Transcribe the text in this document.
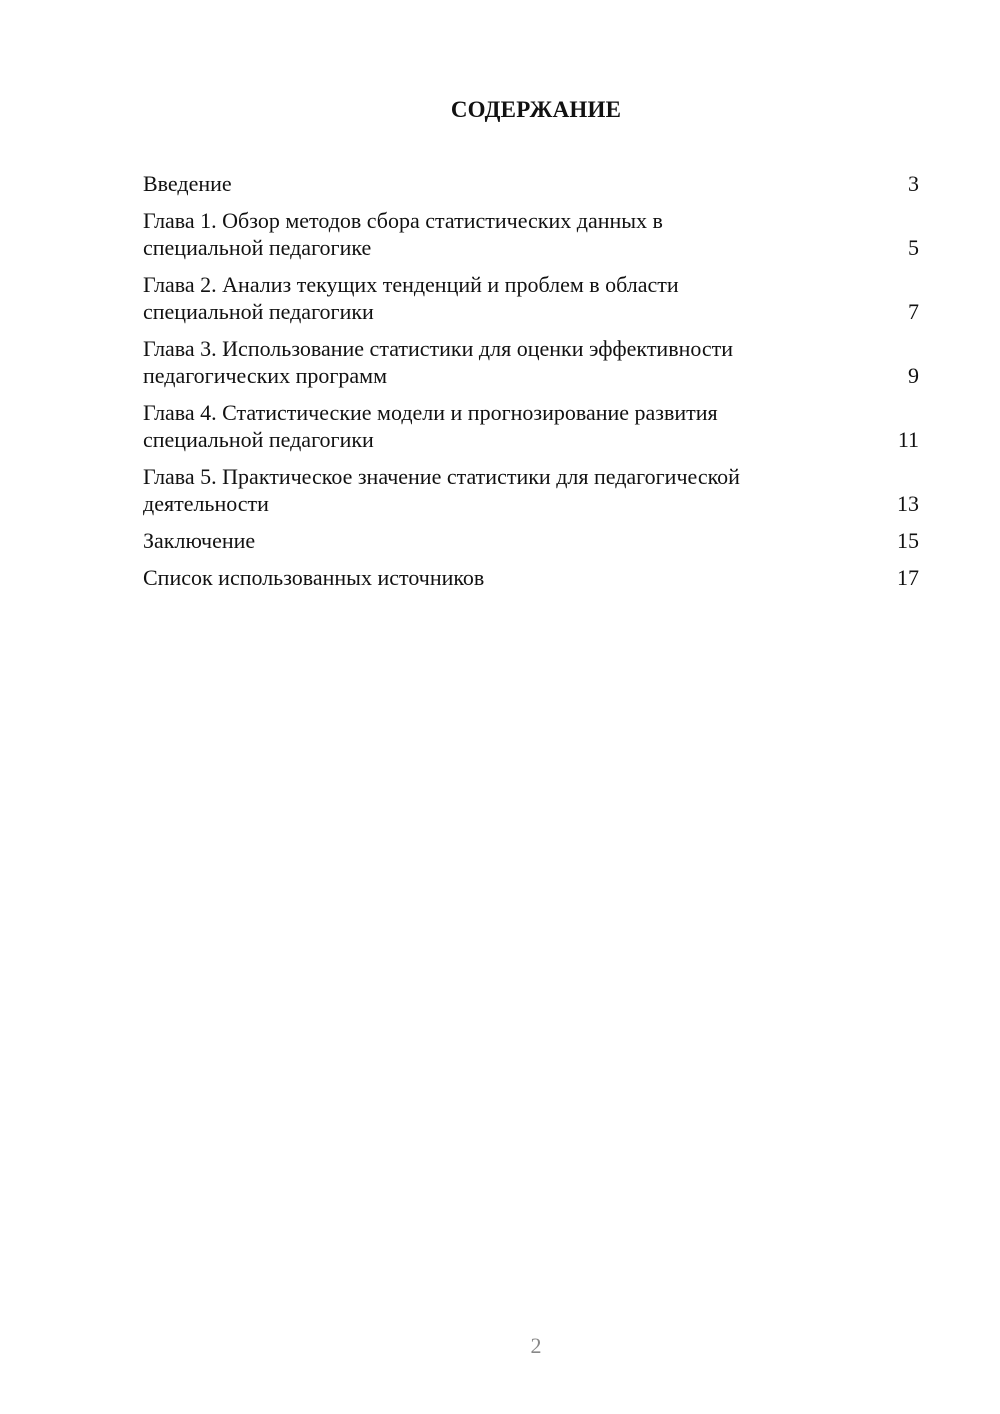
СОДЕРЖАНИЕ
Введение	3
Глава 1. Обзор методов сбора статистических данных в
специальной педагогике	5
Глава 2. Анализ текущих тенденций и проблем в области
специальной педагогики	7
Глава 3. Использование статистики для оценки эффективности
педагогических программ	9
Глава 4. Статистические модели и прогнозирование развития
специальной педагогики	11
Глава 5. Практическое значение статистики для педагогической
деятельности	13
Заключение	15
Список использованных источников	17
2
